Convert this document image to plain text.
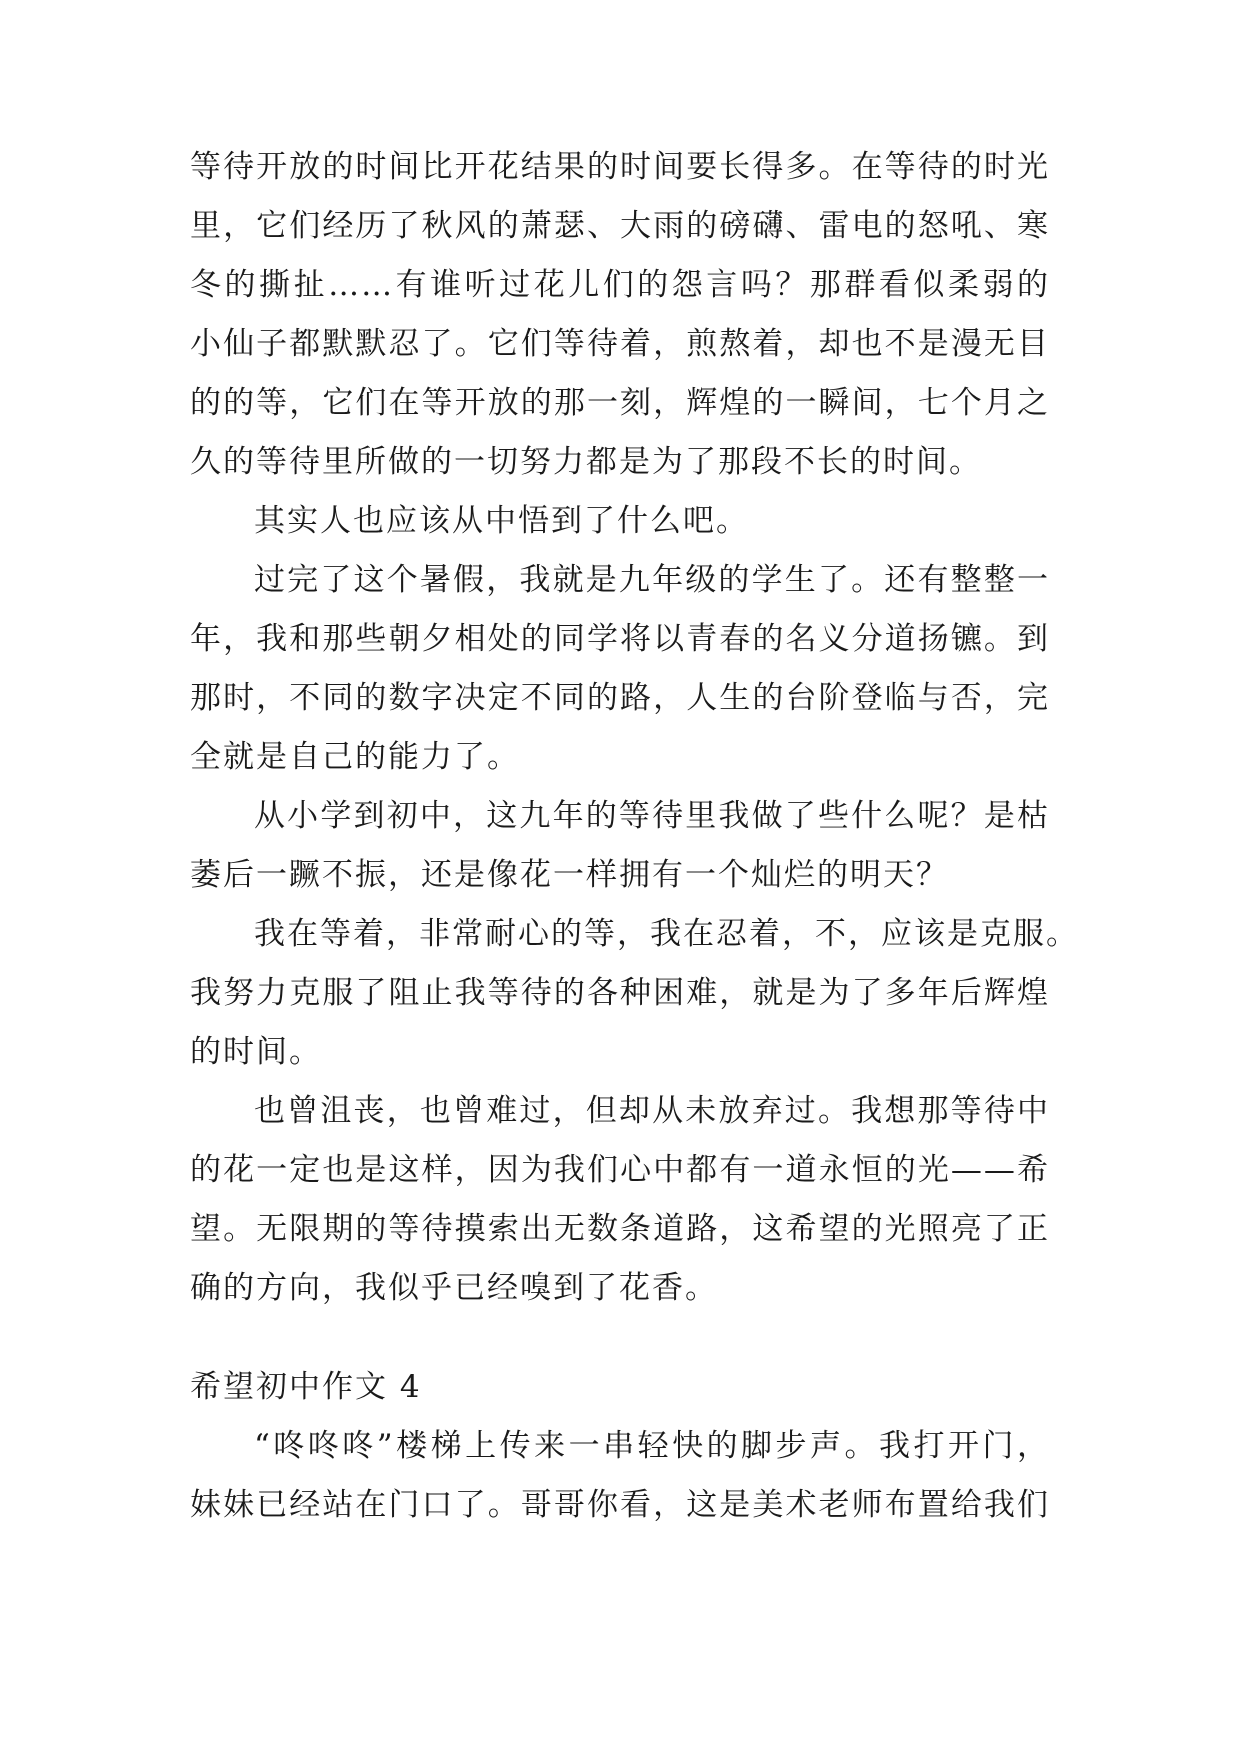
等待开放的时间比开花结果的时间要长得多。在等待的时光
里，它们经历了秋风的萧瑟、大雨的磅礴、雷电的怒吼、寒
冬的撕扯……有谁听过花儿们的怨言吗？那群看似柔弱的
小仙子都默默忍了。它们等待着，煎熬着，却也不是漫无目
的的等，它们在等开放的那一刻，辉煌的一瞬间，七个月之
久的等待里所做的一切努力都是为了那段不长的时间。
其实人也应该从中悟到了什么吧。
过完了这个暑假，我就是九年级的学生了。还有整整一
年，我和那些朝夕相处的同学将以青春的名义分道扬镳。到
那时，不同的数字决定不同的路，人生的台阶登临与否，完
全就是自己的能力了。
从小学到初中，这九年的等待里我做了些什么呢？是枯
萎后一蹶不振，还是像花一样拥有一个灿烂的明天？
我在等着，非常耐心的等，我在忍着，不，应该是克服。
我努力克服了阻止我等待的各种困难，就是为了多年后辉煌
的时间。
也曾沮丧，也曾难过，但却从未放弃过。我想那等待中
的花一定也是这样，因为我们心中都有一道永恒的光——希
望。无限期的等待摸索出无数条道路，这希望的光照亮了正
确的方向，我似乎已经嗅到了花香。
希望初中作文 4
“咚咚咚”楼梯上传来一串轻快的脚步声。我打开门，
妹妹已经站在门口了。哥哥你看，这是美术老师布置给我们
